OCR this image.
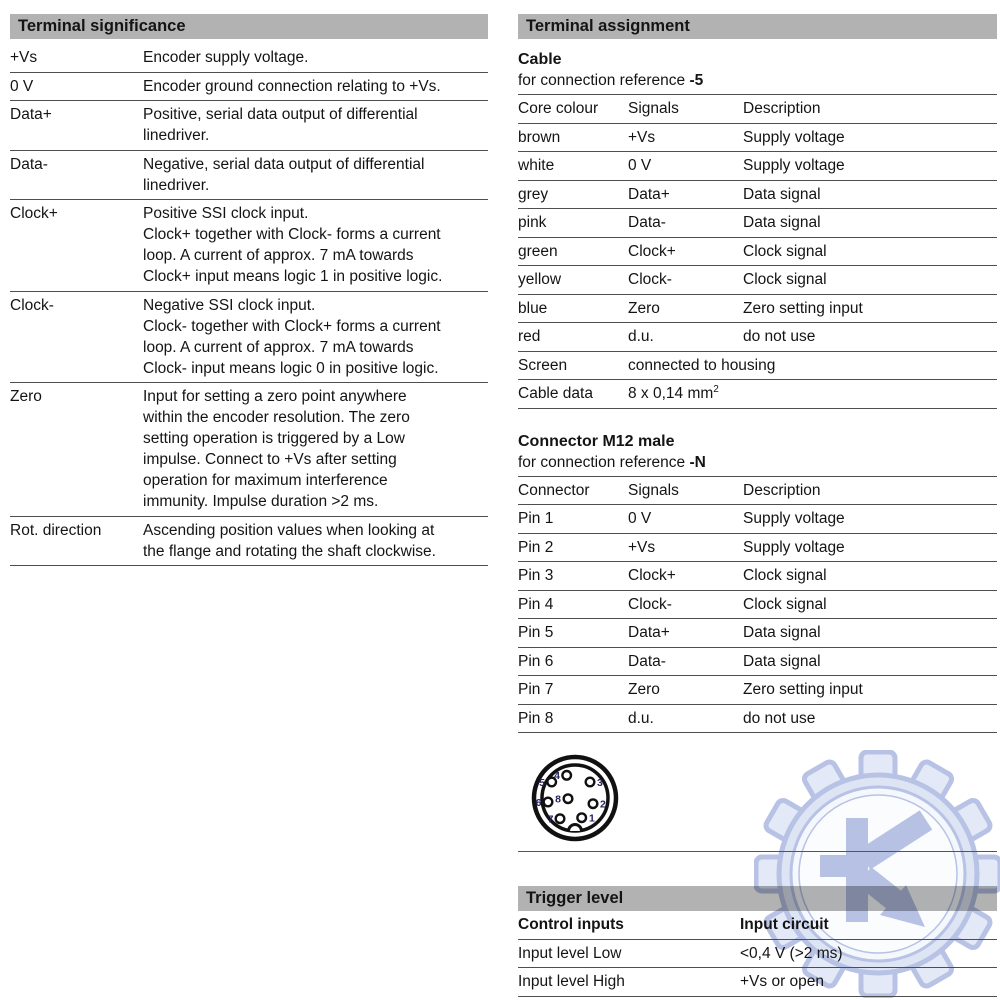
Terminal significance
+Vs	Encoder supply voltage.
0 V	Encoder ground connection relating to +Vs.
Data+	Positive, serial data output of differential
linedriver.
Data-	Negative, serial data output of differential
linedriver.
Clock+	Positive SSI clock input.
Clock+ together with Clock- forms a current
loop. A current of approx. 7 mA towards
Clock+ input means logic 1 in positive logic.
Clock-	Negative SSI clock input.
Clock- together with Clock+ forms a current
loop. A current of approx. 7 mA towards
Clock- input means logic 0 in positive logic.
Zero	Input for setting a zero point anywhere
within the encoder resolution. The zero
setting operation is triggered by a Low
impulse. Connect to +Vs after setting
operation for maximum interference
immunity. Impulse duration >2 ms.
Rot. direction	Ascending position values when looking at
the flange and rotating the shaft clockwise.
Terminal assignment
Cable
for connection reference -5
Core colour	Signals	Description
brown	+Vs	Supply voltage
white	0 V	Supply voltage
grey	Data+	Data signal
pink	Data-	Data signal
green	Clock+	Clock signal
yellow	Clock-	Clock signal
blue	Zero	Zero setting input
red	d.u.	do not use
Screen	connected to housing
Cable data	8 x 0,14 $mm^2$
Connector M12 male
for connection reference -N
Connector	Signals	Description
Pin 1	0 V	Supply voltage
Pin 2	+Vs	Supply voltage
Pin 3	Clock+	Clock signal
Pin 4	Clock-	Clock signal
Pin 5	Data+	Data signal
Pin 6	Data-	Data signal
Pin 7	Zero	Zero setting input
Pin 8	d.u.	do not use
4
3
5
8	2
6
7	1
Trigger level
Control inputs	Input circuit
Input level Low	<0,4 V (>2 ms)
Input level High	+Vs or open
